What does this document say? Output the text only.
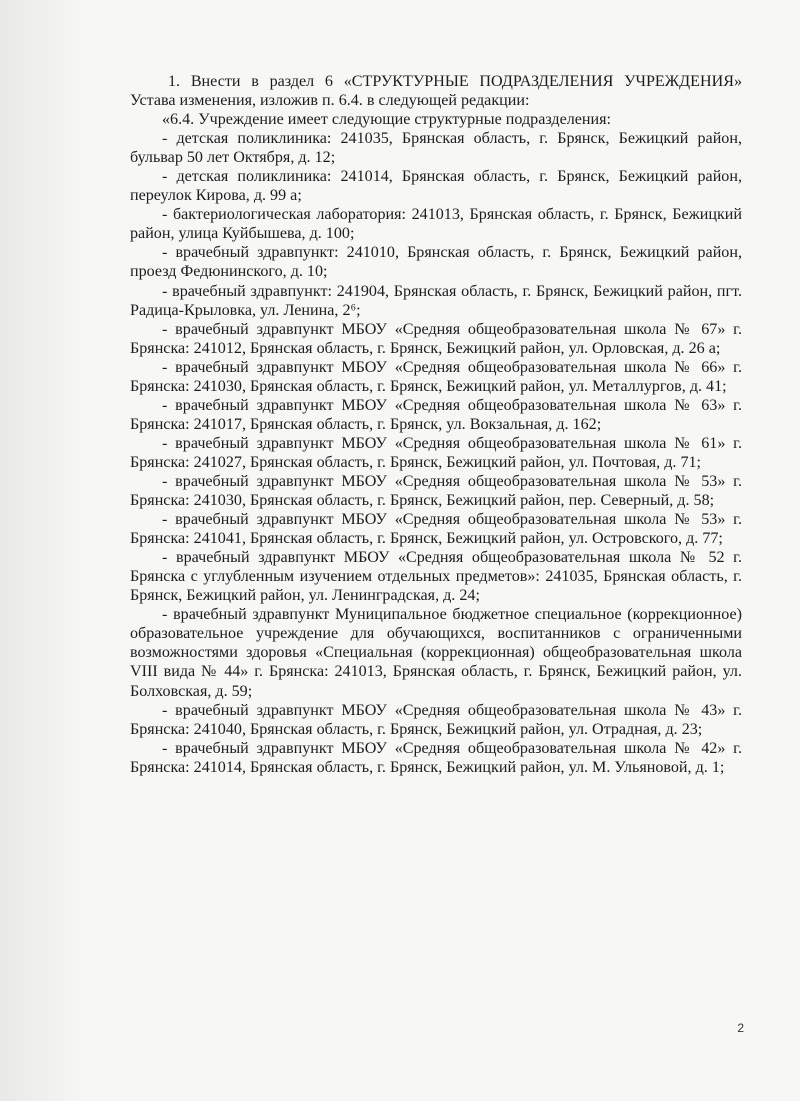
1. Внести в раздел 6 «СТРУКТУРНЫЕ ПОДРАЗДЕЛЕНИЯ УЧРЕЖДЕНИЯ» Устава изменения, изложив п. 6.4. в следующей редакции:

«6.4. Учреждение имеет следующие структурные подразделения:

- детская поликлиника: 241035, Брянская область, г. Брянск, Бежицкий район, бульвар 50 лет Октября, д. 12;

- детская поликлиника: 241014, Брянская область, г. Брянск, Бежицкий район, переулок Кирова, д. 99 а;

- бактериологическая лаборатория: 241013, Брянская область, г. Брянск, Бежицкий район, улица Куйбышева, д. 100;

- врачебный здравпункт: 241010, Брянская область, г. Брянск, Бежицкий район, проезд Федюнинского, д. 10;

- врачебный здравпункт: 241904, Брянская область, г. Брянск, Бежицкий район, пгт. Радица-Крыловка, ул. Ленина, 2⁶;

- врачебный здравпункт МБОУ «Средняя общеобразовательная школа № 67» г. Брянска: 241012, Брянская область, г. Брянск, Бежицкий район, ул. Орловская, д. 26 а;

- врачебный здравпункт МБОУ «Средняя общеобразовательная школа № 66» г. Брянска: 241030, Брянская область, г. Брянск, Бежицкий район, ул. Металлургов, д. 41;

- врачебный здравпункт МБОУ «Средняя общеобразовательная школа № 63» г. Брянска: 241017, Брянская область, г. Брянск, ул. Вокзальная, д. 162;

- врачебный здравпункт МБОУ «Средняя общеобразовательная школа № 61» г. Брянска: 241027, Брянская область, г. Брянск, Бежицкий район, ул. Почтовая, д. 71;

- врачебный здравпункт МБОУ «Средняя общеобразовательная школа № 53» г. Брянска: 241030, Брянская область, г. Брянск, Бежицкий район, пер. Северный, д. 58;

- врачебный здравпункт МБОУ «Средняя общеобразовательная школа № 53» г. Брянска: 241041, Брянская область, г. Брянск, Бежицкий район, ул. Островского, д. 77;

- врачебный здравпункт МБОУ «Средняя общеобразовательная школа № 52 г. Брянска с углубленным изучением отдельных предметов»: 241035, Брянская область, г. Брянск, Бежицкий район, ул. Ленинградская, д. 24;

- врачебный здравпункт Муниципальное бюджетное специальное (коррекционное) образовательное учреждение для обучающихся, воспитанников с ограниченными возможностями здоровья «Специальная (коррекционная) общеобразовательная школа VIII вида № 44» г. Брянска: 241013, Брянская область, г. Брянск, Бежицкий район, ул. Болховская, д. 59;

- врачебный здравпункт МБОУ «Средняя общеобразовательная школа № 43» г. Брянска: 241040, Брянская область, г. Брянск, Бежицкий район, ул. Отрадная, д. 23;

- врачебный здравпункт МБОУ «Средняя общеобразовательная школа № 42» г. Брянска: 241014, Брянская область, г. Брянск, Бежицкий район, ул. М. Ульяновой, д. 1;

2
